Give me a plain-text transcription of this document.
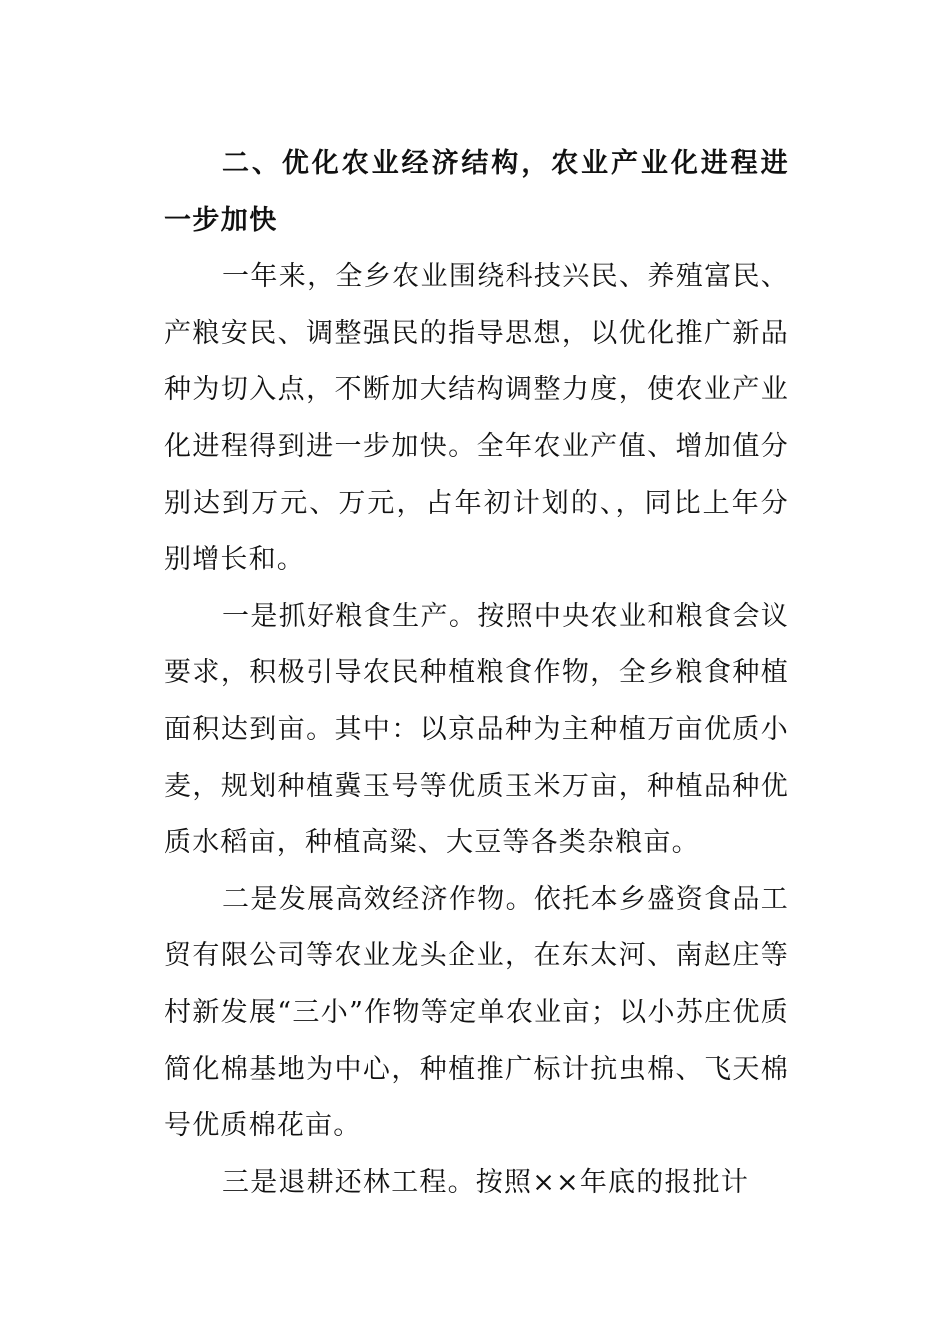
二、优化农业经济结构，农业产业化进程进一步加快

一年来，全乡农业围绕科技兴民、养殖富民、产粮安民、调整强民的指导思想，以优化推广新品种为切入点，不断加大结构调整力度，使农业产业化进程得到进一步加快。全年农业产值、增加值分别达到万元、万元，占年初计划的、，同比上年分别增长和。

一是抓好粮食生产。按照中央农业和粮食会议要求，积极引导农民种植粮食作物，全乡粮食种植面积达到亩。其中：以京品种为主种植万亩优质小麦，规划种植冀玉号等优质玉米万亩，种植品种优质水稻亩，种植高粱、大豆等各类杂粮亩。

二是发展高效经济作物。依托本乡盛资食品工贸有限公司等农业龙头企业，在东太河、南赵庄等村新发展“三小”作物等定单农业亩；以小苏庄优质简化棉基地为中心，种植推广标计抗虫棉、飞天棉号优质棉花亩。

三是退耕还林工程。按照××年底的报批计
